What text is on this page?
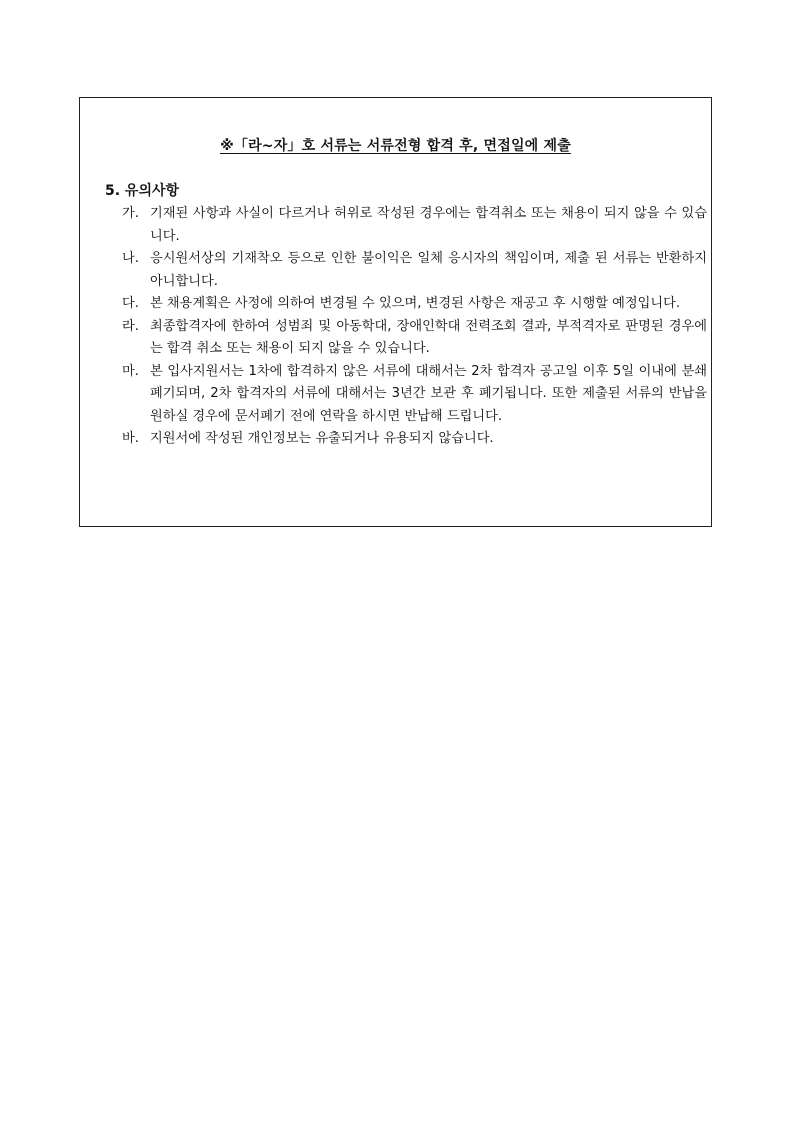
※「라~자」호 서류는 서류전형 합격 후, 면접일에 제출
5. 유의사항
가. 기재된 사항과 사실이 다르거나 허위로 작성된 경우에는 합격취소 또는 채용이 되지 않을 수 있습니다.
나. 응시원서상의 기재착오 등으로 인한 불이익은 일체 응시자의 책임이며, 제출 된 서류는 반환하지 아니합니다.
다. 본 채용계획은 사정에 의하여 변경될 수 있으며, 변경된 사항은 재공고 후 시행할 예정입니다.
라. 최종합격자에 한하여 성범죄 및 아동학대, 장애인학대 전력조회 결과, 부적격자로 판명된 경우에는 합격 취소 또는 채용이 되지 않을 수 있습니다.
마. 본 입사지원서는 1차에 합격하지 않은 서류에 대해서는 2차 합격자 공고일 이후 5일 이내에 분쇄 폐기되며, 2차 합격자의 서류에 대해서는 3년간 보관 후 폐기됩니다. 또한 제출된 서류의 반납을 원하실 경우에 문서폐기 전에 연락을 하시면 반납해 드립니다.
바. 지원서에 작성된 개인정보는 유출되거나 유용되지 않습니다.
